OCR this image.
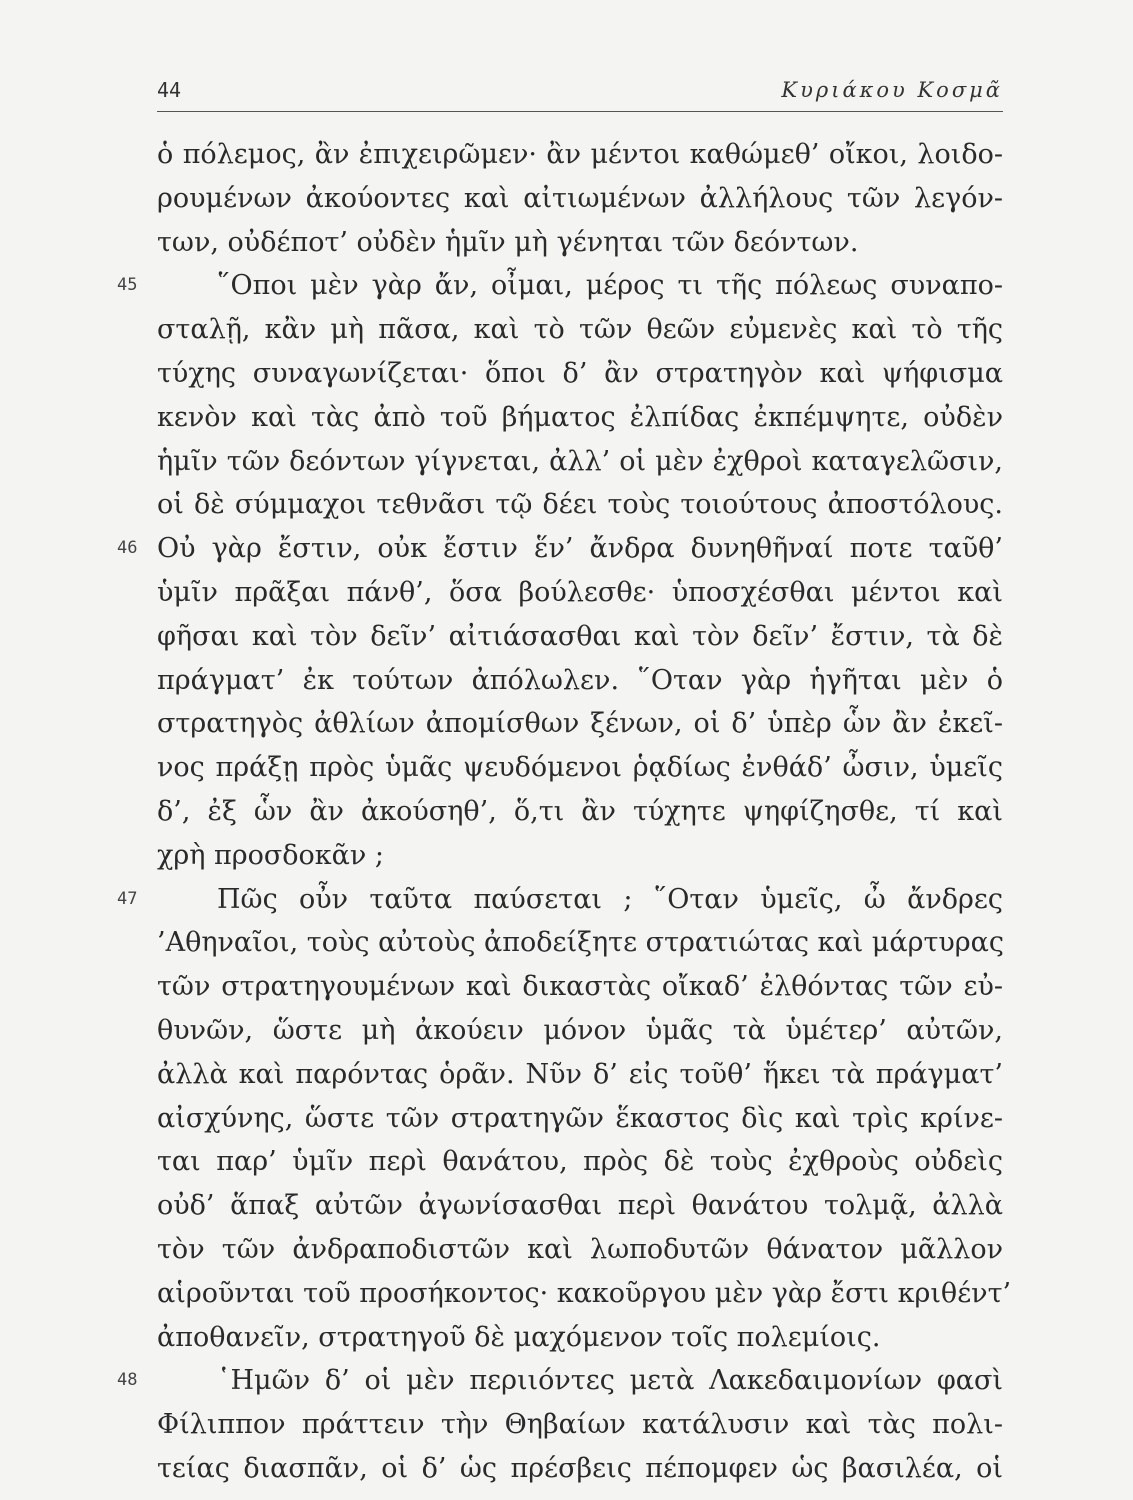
44	Κυριάκου Κοσμᾶ
ὁ πόλεμος, ἂν ἐπιχειρῶμεν· ἂν μέντοι καθώμεθ’ οἴκοι, λοιδο-
ρουμένων ἀκούοντες καὶ αἰτιωμένων ἀλλήλους τῶν λεγόν-
των, οὐδέποτ’ οὐδὲν ἡμῖν μὴ γένηται τῶν δεόντων.
45	῞Οποι μὲν γὰρ ἄν, οἶμαι, μέρος τι τῆς πόλεως συναπο-
σταλῇ, κἂν μὴ πᾶσα, καὶ τὸ τῶν θεῶν εὐμενὲς καὶ τὸ τῆς
τύχης συναγωνίζεται· ὅποι δ’ ἂν στρατηγὸν καὶ ψήφισμα
κενὸν καὶ τὰς ἀπὸ τοῦ βήματος ἐλπίδας ἐκπέμψητε, οὐδὲν
ἡμῖν τῶν δεόντων γίγνεται, ἀλλ’ οἱ μὲν ἐχθροὶ καταγελῶσιν,
οἱ δὲ σύμμαχοι τεθνᾶσι τῷ δέει τοὺς τοιούτους ἀποστόλους.
46 Οὐ γὰρ ἔστιν, οὐκ ἔστιν ἕν’ ἄνδρα δυνηθῆναί ποτε ταῦθ’
ὑμῖν πρᾶξαι πάνθ’, ὅσα βούλεσθε· ὑποσχέσθαι μέντοι καὶ
φῆσαι καὶ τὸν δεῖν’ αἰτιάσασθαι καὶ τὸν δεῖν’ ἔστιν, τὰ δὲ
πράγματ’ ἐκ τούτων ἀπόλωλεν. ῞Οταν γὰρ ἡγῆται μὲν ὁ
στρατηγὸς ἀθλίων ἀπομίσθων ξένων, οἱ δ’ ὑπὲρ ὧν ἂν ἐκεῖ-
νος πράξῃ πρὸς ὑμᾶς ψευδόμενοι ῥᾳδίως ἐνθάδ’ ὦσιν, ὑμεῖς
δ’, ἐξ ὧν ἂν ἀκούσηθ’, ὅ,τι ἂν τύχητε ψηφίζησθε, τί καὶ
χρὴ προσδοκᾶν ;
47	Πῶς οὖν ταῦτα παύσεται ; ῞Οταν ὑμεῖς, ὦ ἄνδρες
’Αθηναῖοι, τοὺς αὐτοὺς ἀποδείξητε στρατιώτας καὶ μάρτυρας
τῶν στρατηγουμένων καὶ δικαστὰς οἴκαδ’ ἐλθόντας τῶν εὐ-
θυνῶν, ὥστε μὴ ἀκούειν μόνον ὑμᾶς τὰ ὑμέτερ’ αὐτῶν,
ἀλλὰ καὶ παρόντας ὁρᾶν. Νῦν δ’ εἰς τοῦθ’ ἥκει τὰ πράγματ’
αἰσχύνης, ὥστε τῶν στρατηγῶν ἕκαστος δὶς καὶ τρὶς κρίνε-
ται παρ’ ὑμῖν περὶ θανάτου, πρὸς δὲ τοὺς ἐχθροὺς οὐδεὶς
οὐδ’ ἅπαξ αὐτῶν ἀγωνίσασθαι περὶ θανάτου τολμᾷ, ἀλλὰ
τὸν τῶν ἀνδραποδιστῶν καὶ λωποδυτῶν θάνατον μᾶλλον
αἱροῦνται τοῦ προσήκοντος· κακοῦργου μὲν γὰρ ἔστι κριθέντ’
ἀποθανεῖν, στρατηγοῦ δὲ μαχόμενον τοῖς πολεμίοις.
48	῾Ημῶν δ’ οἱ μὲν περιιόντες μετὰ Λακεδαιμονίων φασὶ
Φίλιππον πράττειν τὴν Θηβαίων κατάλυσιν καὶ τὰς πολι-
τείας διασπᾶν, οἱ δ’ ὡς πρέσβεις πέπομφεν ὡς βασιλέα, οἱ
